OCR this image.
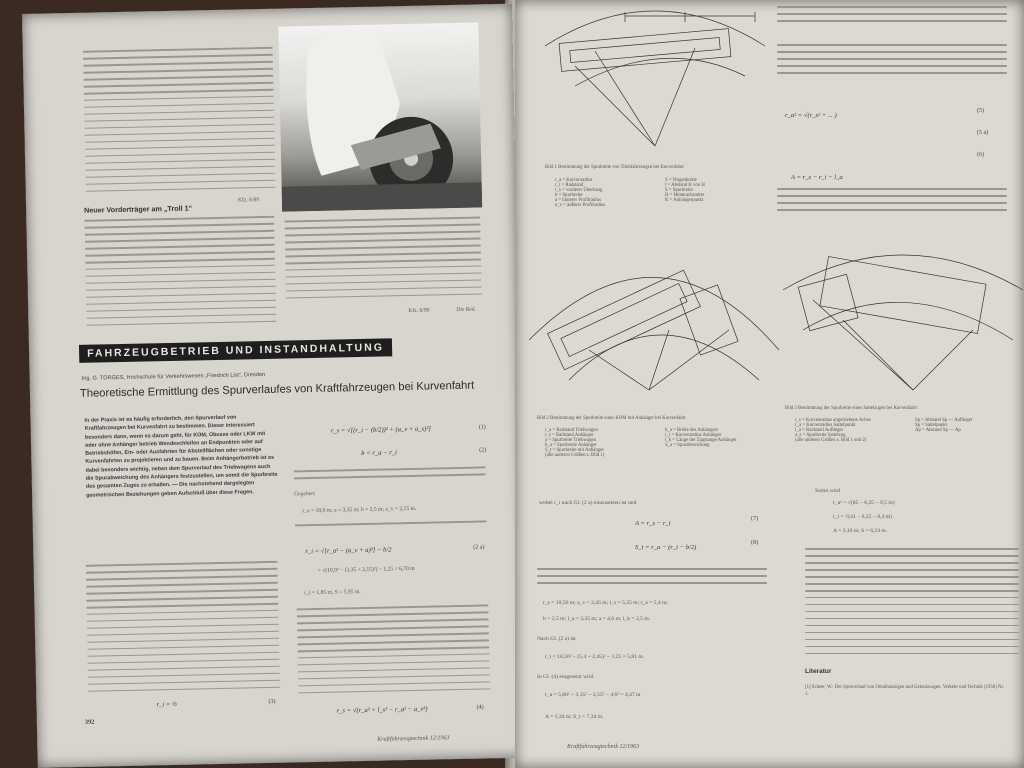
Kfz. 6/89
Neuer Vorderträger am „Troll 1“
Kfz. 6/90	Die Red.
FAHRZEUGBETRIEB UND INSTANDHALTUNG
Ing. G. TORGES, Hochschule für Verkehrswesen „Friedrich List“, Dresden
Theoretische Ermittlung des Spurverlaufes von Kraftfahrzeugen bei Kurvenfahrt
In der Praxis ist es häufig erforderlich, den Spurverlauf von Kraftfahrzeugen bei Kurvenfahrt zu bestimmen. Dieser interessiert besonders dann, wenn es darum geht, für KOM, Obusse oder LKW mit oder ohne Anhänger betrieb Wendeschleifen an Endpunkten oder auf Betriebshöfen, Ein- oder Ausfahrten für Abstellflächen oder sonstige Kurvenfahrten zu projektieren und zu bauen. Beim Anhängerbetrieb ist es dabei besonders wichtig, neben dem Spurverlauf des Triebwagens auch die Spurabweichung des Anhängers festzustellen, um somit die Spurbreite des gesamten Zuges zu erhalten. — Die nachstehend dargelegten geometrischen Beziehungen geben Aufschluß über diese Fragen.
r_i = ½	(3)
r_s = √[(r_i − (b/2))² + (a_v + a_s)²]	(1)
b = r_a − r_i	(2)
Gegeben:
r_a = 10,9 m; a = 3,35 m; b = 2,5 m; a_v = 2,15 m.
r_i = √[r_a² − (a_v + a)²] − b/2	(2 a)
= √(10,9² − (3,35 + 2,15)²) − 1,25 = 6,70 m
r_i = 1,85 m, S = 5,95 m.
r_s = √(r_a² + l_s² − r_a² − a_v²)	(4)
392
Kraftfahrzeugtechnik 12/1963
Bild 1 Bestimmung der Spurbreite von Triebfahrzeugen bei Kurvenfahrt
r_a = Kurvenradius
r_i = Radstand
r_s = vorderer Überhang
b = Spurbreite
a = hinterer Profilradius
a_v = äußerer Profilradius
S = Wagenbreite
l = Abstand K von H
S = Spurbreite
H = Hinterachsmitte
K = Anhängerpunkt
r_a² = √(r_s² + ... )
(5)
(5 a)
(6)
A = r_s − r_i − l_a
Bild 2 Bestimmung der Spurbreite eines KOM mit Anhänger bei Kurvenfahrt
r_a = Radstand Triebwagen
r_s = Radstand Anhänger
a = Spurbreite Triebwagen
b_a = Spurbreite Anhänger
S_t = Spurbreite mit Anhänger
(alle anderen Größen s. Bild 1)
b_a = Breite des Anhängers
r_i = Kurvenradius Anhänger
l_k = Länge der Zugstange Anhänger
S_a = Spurabweichung
Bild 3 Bestimmung der Spurbreite eines Sattelzuges bei Kurvenfahrt
r_s = Kurvenradius angetriebene Achse
r_a = Kurvenradius Sattelpunkt
l_a = Radstand Auflieger
a_s = Spurbreite Sattelzug
(alle anderen Größen s. Bild 1 und 2)
Sp = Abstand Sp — Auflieger
Sp = Sattelpunkt
Ap = Abstand Sp — Ap
wobei r_i nach Gl. (2 a) einzusetzen ist und
A = r_s − r_i
(7)
S_t = r_a − (r_i − b/2)
(8)
r_s = 10,56 m; a_v = 2,45 m; l_s = 5,35 m; r_a = 5,4 m;
b = 2,5 m; l_a = 3,35 m; a = 4,6 m; l_k = 2,5 m.
Nach Gl. (2 a) ist
r_i = 10,56² − (5,4 + 2,45)² − 1,25 = 5,81 m.
In Gl. (4) eingesetzt wird
r_a = 5,80² + 3,35² − 2,55² − 4,6² = 4,47 m
A = 1,34 m; S_t = 7,34 m.
Kraftfahrzeugtechnik 12/1963
Somit wird
r_a² = √(85 − 6,25 − 9,5 m)
r_i = √(41 − 6,25 − 8,4 m)
A = 3,16 m; S = 6,24 m.
Literatur
[1] Scheer, W.: Der Spurverlauf von Omnibuszügen und Gelenkwagen. Verkehr und Technik (1956) Nr. 1.
